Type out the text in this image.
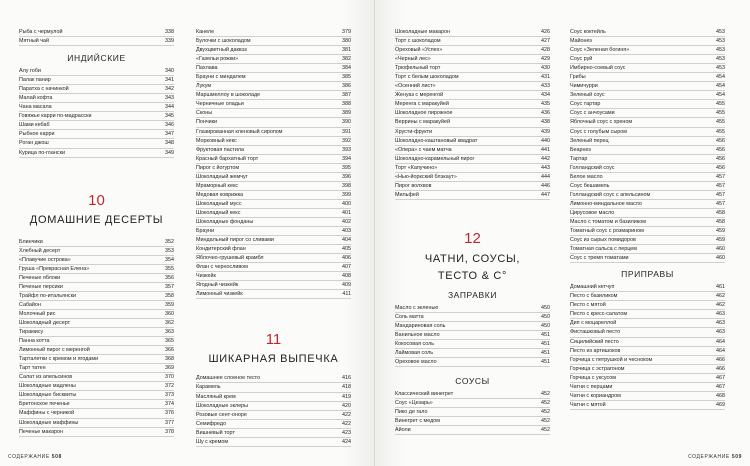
Рыба с чермулой	338
Мятный чай	339
ИНДИЙСКИЕ
Алу гоби	340
Палак панир	341
Паратха с начинкой	342
Малай кофта	343
Чана масала	344
Говяжье карри по-мадрасски	345
Шами кебаб	346
Рыбное карри	347
Роган джош	348
Курица по-гоански	349
10
ДОМАШНИЕ ДЕСЕРТЫ
Блинчики	352
Хлебный десерт	353
«Плавучие острова»	354
Груша «Прекрасная Елена»	355
Печеные яблоки	356
Печеные персики	357
Трайфл по-итальянски	358
Сабайон	359
Молочный рис	360
Шоколадный десерт	362
Тирамису	363
Панна котта	365
Лимонный пирог с меренгой	366
Тарталетки с кремом и ягодами	368
Тарт татен	369
Салат из апельсинов	370
Шоколадные мадлены	372
Шоколадные бисквиты	373
Бретонское печенье	374
Маффины с черникой	376
Шоколадные маффины	377
Печенье макарон	378
Канеле	379
Булочки с шоколадом	380
Двухцветный даквэз	381
«Газельи рожки»	382
Пахлава	384
Брауни с миндалем	385
Лукум	386
Маршмеллоу в шоколаде	387
Черничные оладьи	388
Сконы	389
Пончики	390
Глазированная кленовый сиропом	391
Морковный кекс	392
Фруктовая пастила	393
Красный бархатный торт	394
Пирог с йогуртом	395
Шоколадный жемчуг	396
Мраморный кекс	398
Медовая коврижка	399
Шоколадный мусс	400
Шоколадный кекс	401
Шоколадные фонданы	402
Брауни	403
Миндальный пирог со сливами	404
Кондитерский флан	405
Яблочно-грушевый крамбл	406
Флан с черносливом	407
Чизкейк	408
Ягодный чизкейк	409
Лимонный чизкейк	411
11
ШИКАРНАЯ ВЫПЕЧКА
Домашнее слоеное тесто	416
Карамель	418
Масляный крем	419
Шоколадные эклеры	420
Розовые сент-оноре	422
Семифредо	422
Вишневый торт	423
Шу с кремом	424
СОДЕРЖАНИЕ 508
Шоколадные макарон	426
Торт с шоколадом	427
Ореховый «Успех»	428
«Черный лес»	429
Трюфельный торт	430
Торт с белым шоколадом	431
«Осенний лист»	433
Женуаз с меренгой	434
Меренга с маракуйей	435
Шоколадное пирожное	436
Веррины с маракуйей	438
Хрусти-фрукти	439
Шоколадно-каштановый квадрат	440
«Опера» с чаем матча	441
Шоколадно-карамельный пирог	442
Торт «Капучино»	443
«Нью-йоркский блэкаут»	444
Пирог волхвов	446
Мильфей	447
12
ЧАТНИ, СОУСЫ,
ТЕСТО & С°
ЗАПРАВКИ
Масло с зеленью	450
Соль матта	450
Мандариновая соль	450
Ванильное масло	451
Кокосовая соль	451
Лаймовая соль	451
Ореховое масло	451
СОУСЫ
Классический винегрет	452
Соус «Цезарь»	452
Пико де гало	452
Винегрет с медом	452
Айоли	452
Соус коктейль	453
Майонез	453
Соус «Зеленая богиня»	453
Соус руй	453
Имбирно-соевый соус	453
Грибы	454
Чимичурри	454
Зеленый соус	454
Соус тартар	455
Соус с анчоусами	455
Яблочный соус с хреном	455
Соус с голубым сыром	455
Зеленый перец	456
Беарнез	456
Тартар	456
Голландский соус	456
Белое масло	457
Соус бешамель	457
Голландский соус с апельсином	457
Лимонно-миндальное масло	457
Цирусовое масло	458
Масло с томатом и базиликом	458
Томатный соус с розмарином	459
Соус из сырых помидоров	459
Томатная сальса с перцем	460
Соус с тремя томатами	460
ПРИПРАВЫ
Домашний кетчуп	461
Песто с базиликом	462
Песто с мятой	462
Песто с кресс-салатом	463
Дип с моцареллой	463
Фисташковый песто	463
Сицилийский песто	464
Песто из артишоков	464
Горчица с петрушкой и чесноком	466
Горчица с эстрагоном	466
Горчица с уксусом	467
Чатни с перцами	467
Чатни с кориандром	468
Чатни с мятой	469
СОДЕРЖАНИЕ 509
